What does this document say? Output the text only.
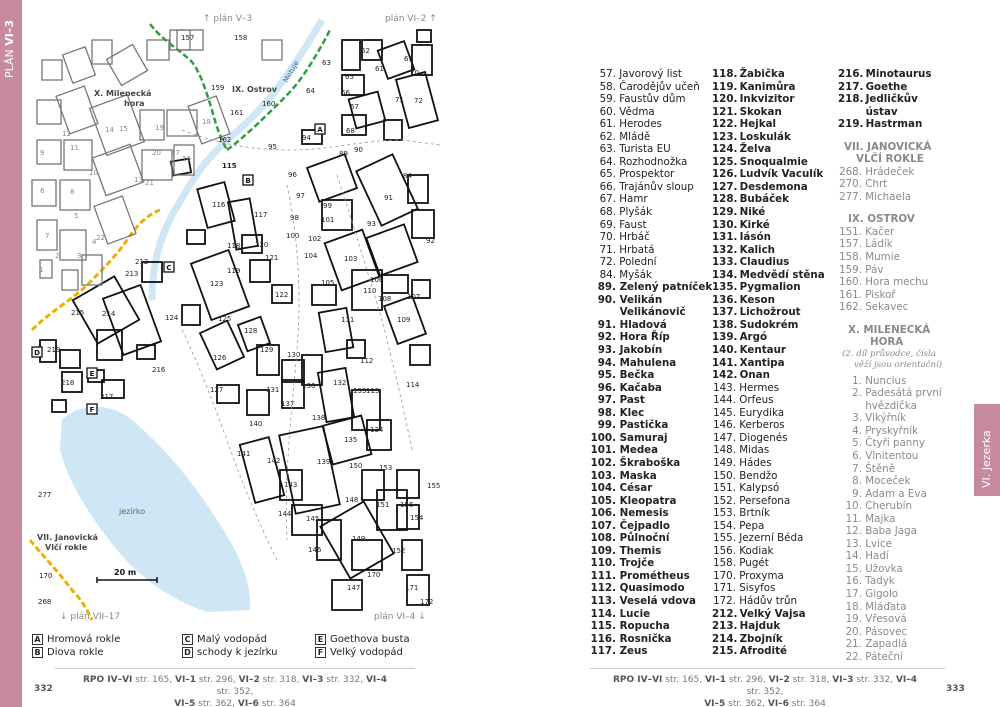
PLÁN VI–3
A
B
C
D
E
F
115
116
117
118
119
120
121
122
123
124	125
126
127
128
129
130
131
132
133
134
135
136
137
138
139
140
141
142
143
144
145
146
147
148
149
150
151
152
153
154
155
156
171
172
170
212
213
214
215
216
217
218
219
94
95
96
97
98
99
100
101
102
103
104
105	106
107
108
109
110
111
112
113
114
61
62
63
64
65
66
67
68
69
70
71 72
84
89 90
91
92
93
157	158
159
160
161
162
268
277
170
1
2	3
4
5
6
7
8
9
10
11
12
13
14 15
16
17
18
19
20
21
22
X. Milenecká
hora
IX. Ostrov
VII. Janovická
Vlčí rokle
jezírko
Metuje
20 m
↑ plán V–3	plán VI–2 ↑
↓ plán VII–17	plán VI–4 ↓
A Hromová rokle
B Diova rokle
C Malý vodopád
D schody k jezírku
E Goethova busta
F Velký vodopád
332
RPO IV–VI str. 165, VI–1 str. 296, VI–2 str. 318, VI–3 str. 332, VI–4 str. 352,
VI–5 str. 362, VI–6 str. 364
57. Javorový list
58. Čarodějův učeň
59. Faustův dům
60. Vědma
61. Herodes
62. Mládě
63. Turista EU
64. Rozhodnožka
65. Prospektor
66. Trajánův sloup
67. Hamr
68. Plyšák
69. Faust
70. Hrbáč
71. Hrbatá
72. Polední
84. Myšák
89. Zelený patníček
90. Velikán
Velikánovič
91. Hladová
92. Hora Říp
93. Jakobín
94. Mahulena
95. Bečka
96. Kačaba
97. Past
98. Klec
99. Pastička
100. Samuraj
101. Medea
102. Škraboška
103. Maska
104. César
105. Kleopatra
106. Nemesis
107. Čejpadlo
108. Půlnoční
109. Themis
110. Trojče
111. Prométheus
112. Quasimodo
113. Veselá vdova
114. Lucie
115. Ropucha
116. Rosnička
117. Zeus
118. Žabička
119. Kanimůra
120. Inkvizitor
121. Skokan
122. Hejkal
123. Loskulák
124. Želva
125. Snoqualmie
126. Ludvík Vaculík
127. Desdemona
128. Bubáček
129. Niké
130. Kirké
131. Iásón
132. Kalich
133. Claudius
134. Medvědí stěna
135. Pygmalion
136. Keson
137. Lichožrout
138. Sudokrém
139. Argó
140. Kentaur
141. Xantipa
142. Onan
143. Hermes
144. Orfeus
145. Eurydika
146. Kerberos
147. Diogenés
148. Midas
149. Hádes
150. Bendžo
151. Kalypsó
152. Persefona
153. Brtník
154. Pepa
155. Jezerní Béda
156. Kodiak
158. Pugét
170. Proxyma
171. Sisyfos
172. Hádův trůn
212. Velký Vajsa
213. Hajduk
214. Zbojník
215. Afrodité
216. Minotaurus
217. Goethe
218. Jedličkův
ústav
219. Hastrman
VII. JANOVICKÁ
VLČÍ ROKLE
268. Hrádeček
270. Chrt
277. Michaela
IX. OSTROV
151. Kačer
157. Ládík
158. Mumie
159. Páv
160. Hora mechu
161. Piskoř
162. Sekavec
X. MILENECKÁ
HORA
(2. díl průvodce, čísla
věží jsou orientační)
1. Nuncius
2. Padesátá první
hvězdička
3. Vikýřník
4. Pryskyřník
5. Čtyři panny
6. Vlnitentou
7. Štěně
8. Moceček
9. Adam a Eva
10. Cherubín
11. Majka
12. Baba Jaga
13. Lvice
14. Hadí
15. Užovka
16. Tadyk
17. Gigolo
18. Mláďata
19. Vřesová
20. Pásovec
21. Zapadlá
22. Páteční
VI. Jezerka
RPO IV–VI str. 165, VI–1 str. 296, VI–2 str. 318, VI–3 str. 332, VI–4 str. 352,
VI–5 str. 362, VI–6 str. 364
333
